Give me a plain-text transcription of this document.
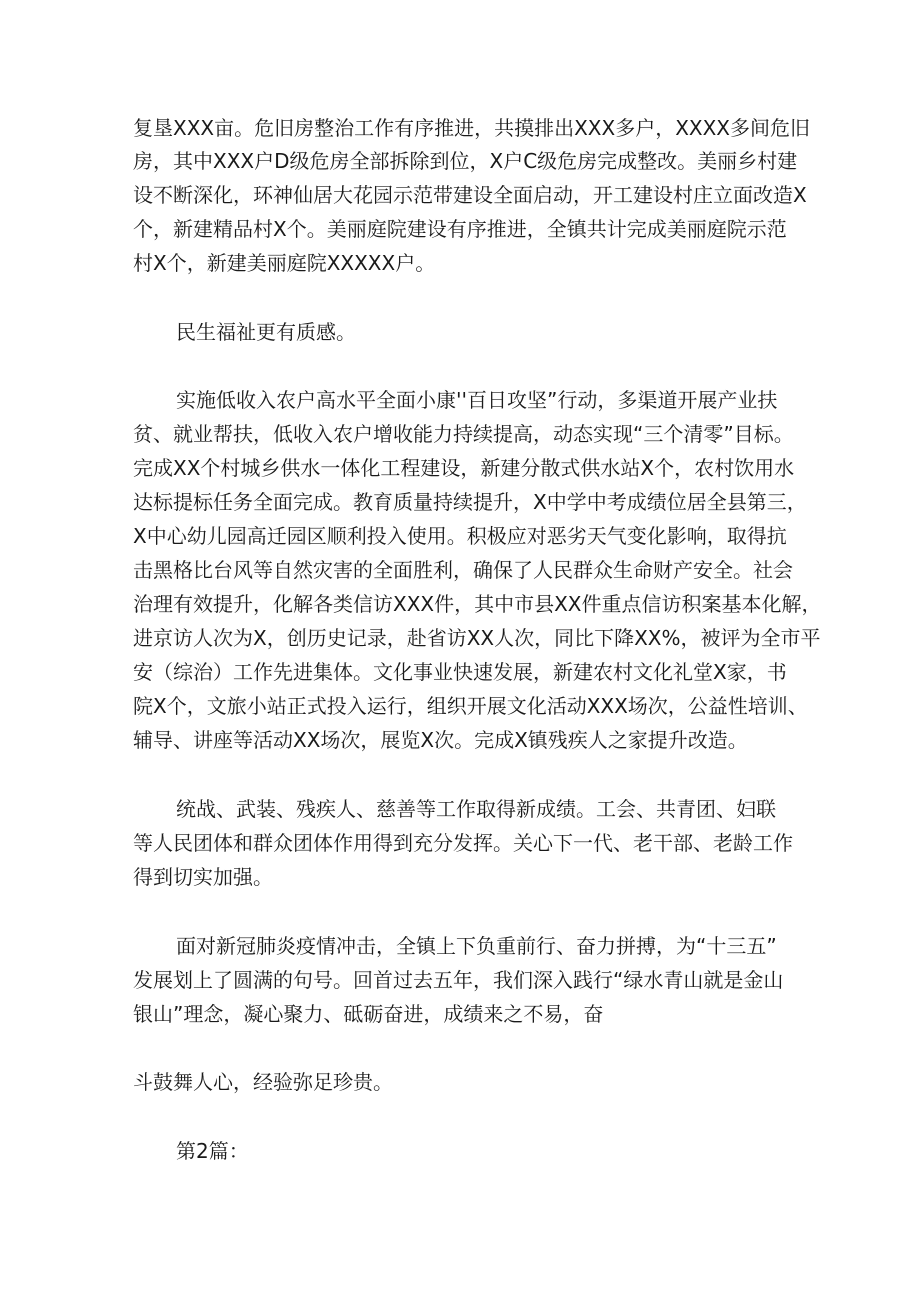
复垦XXX亩。危旧房整治工作有序推进，共摸排出XXX多户，XXXX多间危旧
房，其中XXX户D级危房全部拆除到位，X户C级危房完成整改。美丽乡村建
设不断深化，环神仙居大花园示范带建设全面启动，开工建设村庄立面改造X
个，新建精品村X个。美丽庭院建设有序推进，全镇共计完成美丽庭院示范
村X个，新建美丽庭院XXXXX户。
民生福祉更有质感。
实施低收入农户高水平全面小康''百日攻坚”行动，多渠道开展产业扶
贫、就业帮扶，低收入农户增收能力持续提高，动态实现“三个清零”目标。
完成XX个村城乡供水一体化工程建设，新建分散式供水站X个，农村饮用水
达标提标任务全面完成。教育质量持续提升，X中学中考成绩位居全县第三，
X中心幼儿园高迁园区顺利投入使用。积极应对恶劣天气变化影响，取得抗
击黑格比台风等自然灾害的全面胜利，确保了人民群众生命财产安全。社会
治理有效提升，化解各类信访XXX件，其中市县XX件重点信访积案基本化解，
进京访人次为X，创历史记录，赴省访XX人次，同比下降XX%，被评为全市平
安（综治）工作先进集体。文化事业快速发展，新建农村文化礼堂X家，书
院X个，文旅小站正式投入运行，组织开展文化活动XXX场次，公益性培训、
辅导、讲座等活动XX场次，展览X次。完成X镇残疾人之家提升改造。
统战、武装、残疾人、慈善等工作取得新成绩。工会、共青团、妇联
等人民团体和群众团体作用得到充分发挥。关心下一代、老干部、老龄工作
得到切实加强。
面对新冠肺炎疫情冲击，全镇上下负重前行、奋力拼搏，为“十三五”
发展划上了圆满的句号。回首过去五年，我们深入践行“绿水青山就是金山
银山”理念，凝心聚力、砥砺奋进，成绩来之不易，奋
斗鼓舞人心，经验弥足珍贵。
第2篇：
